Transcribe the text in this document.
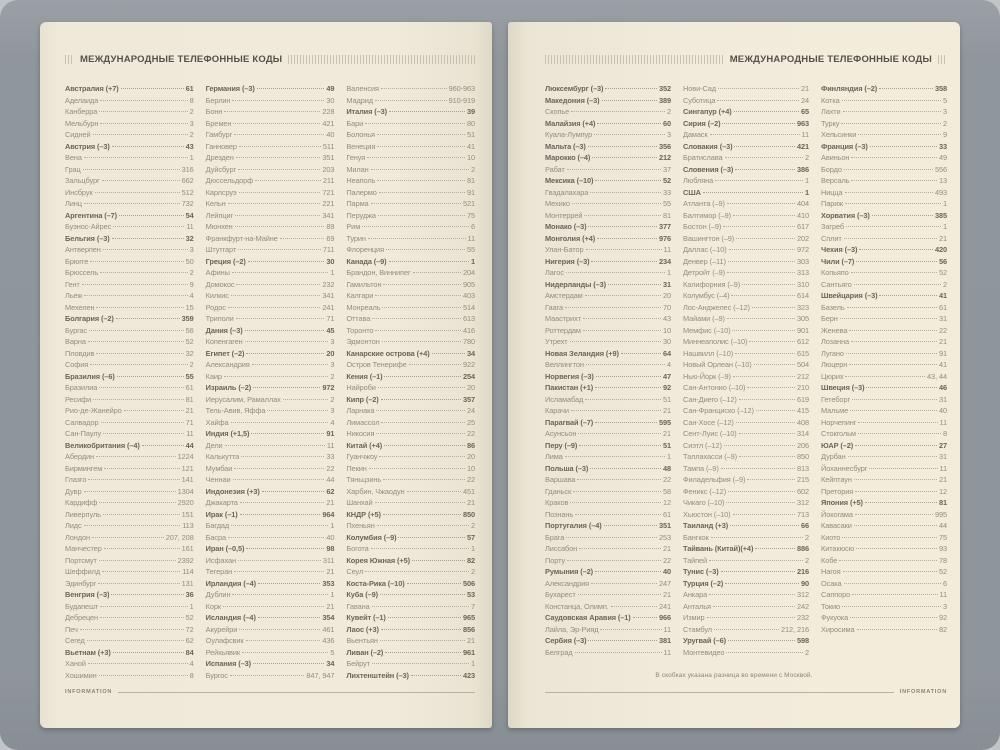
МЕЖДУНАРОДНЫЕ ТЕЛЕФОННЫЕ КОДЫ
Австралия (+7)	61
Аделаида	8
Канберра	2
Мельбурн	3
Сидней	2
Австрия (–3)	43
Вена	1
Грац	316
Зальцбург	662
Инсбрук	512
Линц	732
Аргентина (–7)	54
Буэнос-Айрес	11
Бельгия (–3)	32
Антверпен	3
Брюгге	50
Брюссель	2
Гент	9
Льеж	4
Мехелен	15
Болгария (–2)	359
Бургас	56
Варна	52
Пловдив	32
София	2
Бразилия (–6)	55
Бразилиа	61
Ресифи	81
Рио-де-Жанейро	21
Салвадор	71
Сан-Паулу	11
Великобритания (–4)	44
Абердин	1224
Бирмингем	121
Глазго	141
Дувр	1304
Кардифф	2920
Ливерпуль	151
Лидс	113
Лондон	207, 208
Манчестер	161
Портсмут	2392
Шеффилд	114
Эдинбург	131
Венгрия (–3)	36
Будапешт	1
Дебрецен	52
Печ	72
Сегед	62
Вьетнам (+3)	84
Ханой	4
Хошимин	8
Германия (–3)	49
Берлин	30
Бонн	228
Бремен	421
Гамбург	40
Ганновер	511
Дрезден	351
Дуйсбург	203
Дюссельдорф	211
Карлсруэ	721
Кельн	221
Лейпциг	341
Мюнхен	89
Франкфурт-на-Майне	69
Штутгарт	711
Греция (–2)	30
Афины	1
Домокос	232
Килкис	341
Родос	241
Триполи	71
Дания (–3)	45
Копенгаген	3
Египет (–2)	20
Александрия	3
Каир	2
Израиль (–2)	972
Иерусалим, Рамаллах	2
Тель-Авив, Яффа	3
Хайфа	4
Индия (+1,5)	91
Дели	11
Калькутта	33
Мумбаи	22
Ченнаи	44
Индонезия (+3)	62
Джакарта	21
Ирак (–1)	964
Багдад	1
Басра	40
Иран (–0,5)	98
Исфахан	311
Тегеран	21
Ирландия (–4)	353
Дублин	1
Корк	21
Исландия (–4)	354
Акурейри	461
Оулафсвик	436
Рейкьявик	5
Испания (–3)	34
Бургос	847, 947
Валенсия	960-963
Мадрид	910-919
Италия (–3)	39
Бари	80
Болонья	51
Венеция	41
Генуя	10
Милан	2
Неаполь	81
Палермо	91
Парма	521
Перуджа	75
Рим	6
Турин	11
Флоренция	55
Канада (–9)	1
Брандон, Виннипег	204
Гамильтон	905
Калгари	403
Монреаль	514
Оттава	613
Торонто	416
Эдмонтон	780
Канарские острова (+4)	34
Остров Тенерифе	922
Кения (–1)	254
Найроби	20
Кипр (–2)	357
Ларнака	24
Лимассол	25
Никосия	22
Китай (+4)	86
Гуанчжоу	20
Пекин	10
Тяньцзинь	22
Харбин, Чжаодун	451
Шанхай	21
КНДР (+5)	850
Пхеньян	2
Колумбия (–9)	57
Богота	1
Корея Южная (+5)	82
Сеул	2
Коста-Рика (–10)	506
Куба (–9)	53
Гавана	7
Кувейт (–1)	965
Лаос (+3)	856
Вьентьян	21
Ливан (–2)	961
Бейрут	1
Лихтенштейн (–3)	423
INFORMATION
МЕЖДУНАРОДНЫЕ ТЕЛЕФОННЫЕ КОДЫ
Люксембург (–3)	352
Македония (–3)	389
Скопье	2
Малайзия (+4)	60
Куала-Лумпур	3
Мальта (–3)	356
Марокко (–4)	212
Рабат	37
Мексика (–10)	52
Гвадалахара	33
Мехико	55
Монтеррей	81
Монако (–3)	377
Монголия (+4)	976
Улан-Батор	11
Нигерия (–3)	234
Лагос	1
Нидерланды (–3)	31
Амстердам	20
Гаага	70
Маастрихт	43
Роттердам	10
Утрехт	30
Новая Зеландия (+9)	64
Веллингтон	4
Норвегия (–3)	47
Пакистан (+1)	92
Исламабад	51
Карачи	21
Парагвай (–7)	595
Асунсьон	21
Перу (–9)	51
Лима	1
Польша (–3)	48
Варшава	22
Гданьск	58
Краков	12
Познань	61
Португалия (–4)	351
Брага	253
Лиссабон	21
Порту	22
Румыния (–2)	40
Александрия	247
Бухарест	21
Констанца, Олимп.	241
Саудовская Аравия (–1)	966
Лайла, Эр-Рияд	11
Сербия (–3)	381
Белград	11
Нови-Сад	21
Суботица	24
Сингапур (+4)	65
Сирия (–2)	963
Дамаск	11
Словакия (–3)	421
Братислава	2
Словения (–3)	386
Любляна	1
США	1
Атланта (–9)	404
Балтимор (–9)	410
Бостон (–9)	617
Вашингтон (–9)	202
Даллас (–10)	972
Денвер (–11)	303
Детройт (–9)	313
Калифорния (–9)	310
Колумбус (–4)	614
Лос-Анджелес (–12)	323
Майами (–9)	305
Мемфис (–10)	901
Миннеаполис (–10)	612
Нашвилл (–10)	615
Новый Орлеан (–10)	504
Нью-Йорк (–9)	212
Сан-Антонио (–10)	210
Сан-Диего (–12)	619
Сан-Франциско (–12)	415
Сан-Хосе (–12)	408
Сент-Луис (–10)	314
Сиэтл (–12)	206
Таллахасси (–9)	850
Тампа (–9)	813
Филадельфия (–9)	215
Феникс (–12)	602
Чикаго (–10)	312
Хьюстон (–10)	713
Таиланд (+3)	66
Бангкок	2
Тайвань (Китай)(+4)	886
Тайпей	2
Тунис (–3)	216
Турция (–2)	90
Анкара	312
Анталья	242
Измир	232
Стамбул	212, 216
Уругвай (–6)	598
Монтевидео	2
Финляндия (–2)	358
Котка	5
Лахти	3
Турку	2
Хельсинки	9
Франция (–3)	33
Авиньон	49
Бордо	556
Версаль	13
Ницца	493
Париж	1
Хорватия (–3)	385
Загреб	1
Сплит	21
Чехия (–3)	420
Чили (–7)	56
Копьяпо	52
Сантьяго	2
Швейцария (–3)	41
Базель	61
Берн	31
Женева	22
Лозанна	21
Лугано	91
Люцерн	41
Цюрих	43, 44
Швеция (–3)	46
Гетеборг	31
Мальме	40
Норчепинг	11
Стокгольм	8
ЮАР (–2)	27
Дурбан	31
Йоханнесбург	11
Кейптаун	21
Претория	12
Япония (+5)	81
Йокогама	995
Кавасаки	44
Киото	75
Китакюсю	93
Кобе	78
Нагоя	52
Осака	6
Саппоро	11
Токио	3
Фукуока	92
Хиросима	82
В скобках указана разница во времени с Москвой.
INFORMATION
